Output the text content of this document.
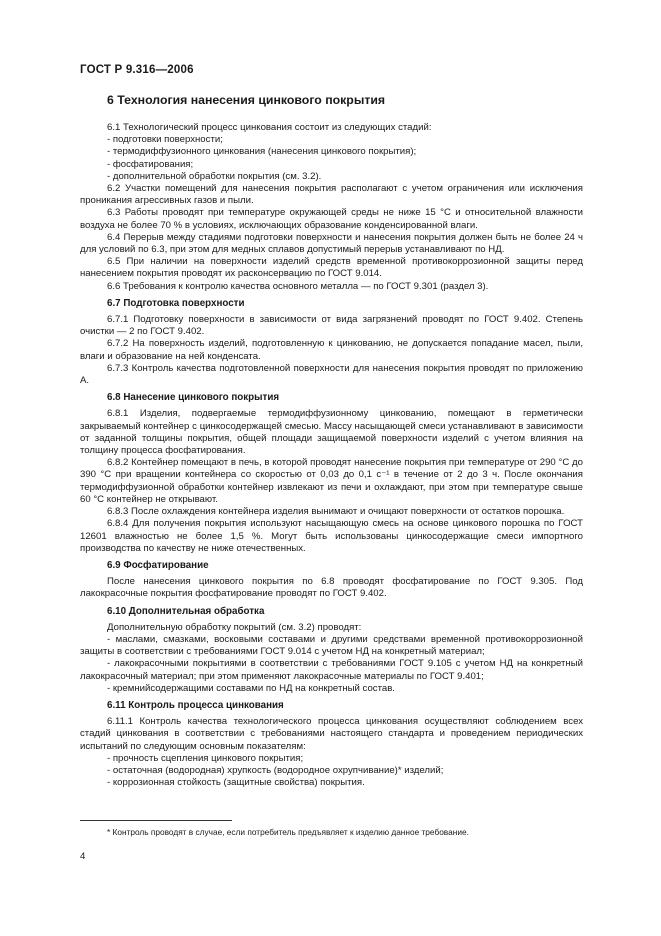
ГОСТ Р 9.316—2006
6 Технология нанесения цинкового покрытия
6.1 Технологический процесс цинкования состоит из следующих стадий:
- подготовки поверхности;
- термодиффузионного цинкования (нанесения цинкового покрытия);
- фосфатирования;
- дополнительной обработки покрытия (см. 3.2).
6.2 Участки помещений для нанесения покрытия располагают с учетом ограничения или исключения проникания агрессивных газов и пыли.
6.3 Работы проводят при температуре окружающей среды не ниже 15 °С и относительной влажности воздуха не более 70 % в условиях, исключающих образование конденсированной влаги.
6.4 Перерыв между стадиями подготовки поверхности и нанесения покрытия должен быть не более 24 ч для условий по 6.3, при этом для медных сплавов допустимый перерыв устанавливают по НД.
6.5 При наличии на поверхности изделий средств временной противокоррозионной защиты перед нанесением покрытия проводят их расконсервацию по ГОСТ 9.014.
6.6 Требования к контролю качества основного металла — по ГОСТ 9.301 (раздел 3).
6.7 Подготовка поверхности
6.7.1 Подготовку поверхности в зависимости от вида загрязнений проводят по ГОСТ 9.402. Степень очистки — 2 по ГОСТ 9.402.
6.7.2 На поверхность изделий, подготовленную к цинкованию, не допускается попадание масел, пыли, влаги и образование на ней конденсата.
6.7.3 Контроль качества подготовленной поверхности для нанесения покрытия проводят по приложению А.
6.8 Нанесение цинкового покрытия
6.8.1 Изделия, подвергаемые термодиффузионному цинкованию, помещают в герметически закрываемый контейнер с цинкосодержащей смесью. Массу насыщающей смеси устанавливают в зависимости от заданной толщины покрытия, общей площади защищаемой поверхности изделий с учетом влияния на толщину процесса фосфатирования.
6.8.2 Контейнер помещают в печь, в которой проводят нанесение покрытия при температуре от 290 °С до 390 °С при вращении контейнера со скоростью от 0,03 до 0,1 с⁻¹ в течение от 2 до 3 ч. После окончания термодиффузионной обработки контейнер извлекают из печи и охлаждают, при этом при температуре свыше 60 °С контейнер не открывают.
6.8.3 После охлаждения контейнера изделия вынимают и очищают поверхности от остатков порошка.
6.8.4 Для получения покрытия используют насыщающую смесь на основе цинкового порошка по ГОСТ 12601 влажностью не более 1,5 %. Могут быть использованы цинкосодержащие смеси импортного производства по качеству не ниже отечественных.
6.9 Фосфатирование
После нанесения цинкового покрытия по 6.8 проводят фосфатирование по ГОСТ 9.305. Под лакокрасочные покрытия фосфатирование проводят по ГОСТ 9.402.
6.10 Дополнительная обработка
Дополнительную обработку покрытий (см. 3.2) проводят:
- маслами, смазками, восковыми составами и другими средствами временной противокоррозионной защиты в соответствии с требованиями ГОСТ 9.014 с учетом НД на конкретный материал;
- лакокрасочными покрытиями в соответствии с требованиями ГОСТ 9.105 с учетом НД на конкретный лакокрасочный материал; при этом применяют лакокрасочные материалы по ГОСТ 9.401;
- кремнийсодержащими составами по НД на конкретный состав.
6.11 Контроль процесса цинкования
6.11.1 Контроль качества технологического процесса цинкования осуществляют соблюдением всех стадий цинкования в соответствии с требованиями настоящего стандарта и проведением периодических испытаний по следующим основным показателям:
- прочность сцепления цинкового покрытия;
- остаточная (водородная) хрупкость (водородное охрупчивание)* изделий;
- коррозионная стойкость (защитные свойства) покрытия.
* Контроль проводят в случае, если потребитель предъявляет к изделию данное требование.
4
